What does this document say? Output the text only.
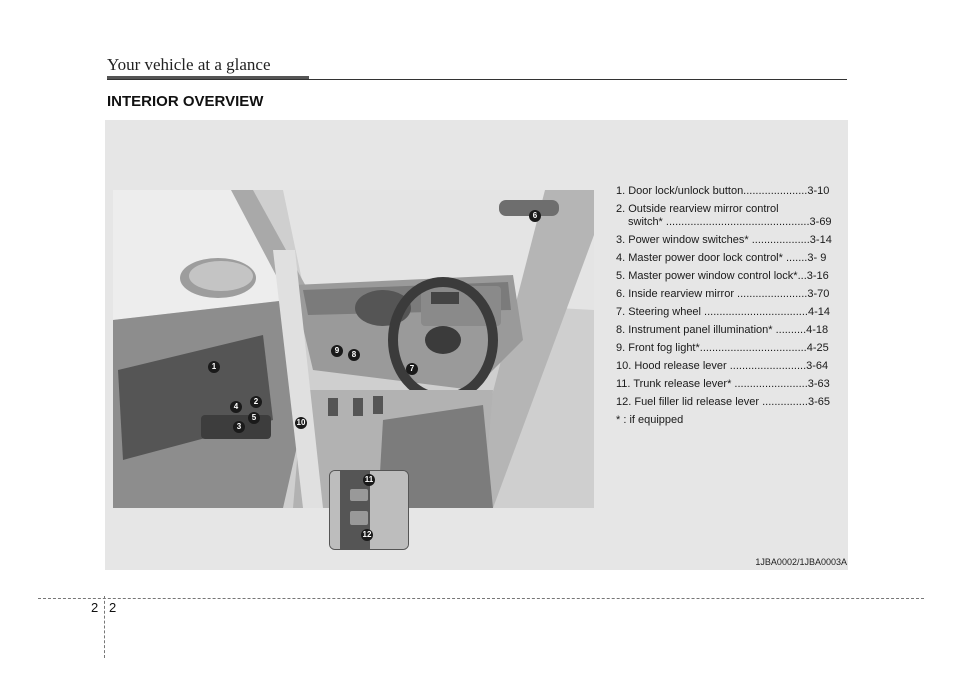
Your vehicle at a glance
INTERIOR OVERVIEW
1
2
3
4
5
6
7
8
9
10
11
12
1. Door lock/unlock button.....................3-10
2. Outside rearview mirror control
switch* ...............................................3-69
3. Power window switches* ...................3-14
4. Master power door lock control* .......3- 9
5. Master power window control lock*...3-16
6. Inside rearview mirror .......................3-70
7. Steering wheel ..................................4-14
8. Instrument panel illumination* ..........4-18
9. Front fog light*...................................4-25
10. Hood release lever .........................3-64
11. Trunk release lever* ........................3-63
12. Fuel filler lid release lever ...............3-65
* : if equipped
1JBA0002/1JBA0003A
2 2
